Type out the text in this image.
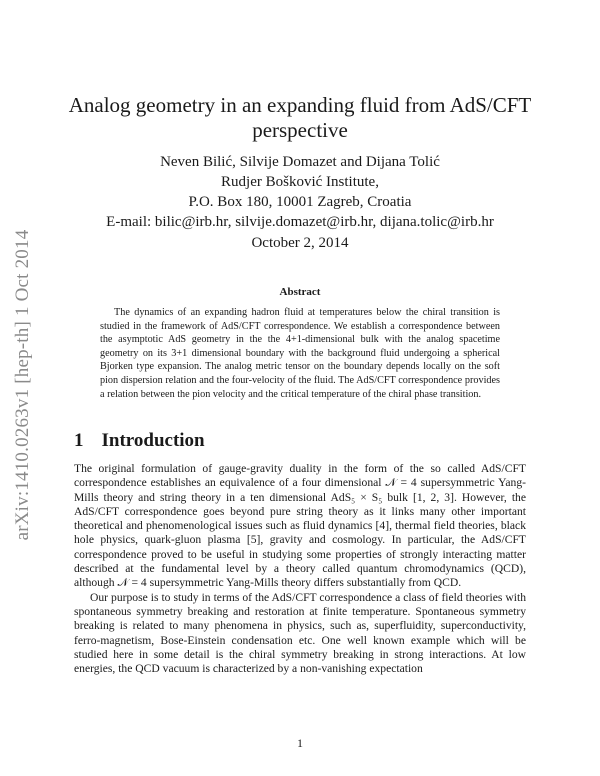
arXiv:1410.0263v1 [hep-th] 1 Oct 2014
Analog geometry in an expanding fluid from AdS/CFT perspective
Neven Bilić, Silvije Domazet and Dijana Tolić
Rudjer Bošković Institute,
P.O. Box 180, 10001 Zagreb, Croatia
E-mail: bilic@irb.hr, silvije.domazet@irb.hr, dijana.tolic@irb.hr
October 2, 2014
Abstract
The dynamics of an expanding hadron fluid at temperatures below the chiral transition is studied in the framework of AdS/CFT correspondence. We establish a correspondence between the asymptotic AdS geometry in the the 4+1-dimensional bulk with the analog spacetime geometry on its 3+1 dimensional boundary with the background fluid undergoing a spherical Bjorken type expansion. The analog metric tensor on the boundary depends locally on the soft pion dispersion relation and the four-velocity of the fluid. The AdS/CFT correspondence provides a relation between the pion velocity and the critical temperature of the chiral phase transition.
1 Introduction

The original formulation of gauge-gravity duality in the form of the so called AdS/CFT correspondence establishes an equivalence of a four dimensional 𝒩 = 4 supersymmetric Yang-Mills theory and string theory in a ten dimensional AdS₅ × S₅ bulk [1, 2, 3]. However, the AdS/CFT correspondence goes beyond pure string theory as it links many other important theoretical and phenomenological issues such as fluid dynamics [4], thermal field theories, black hole physics, quark-gluon plasma [5], gravity and cosmology. In particular, the AdS/CFT correspondence proved to be useful in studying some properties of strongly interacting matter described at the fundamental level by a theory called quantum chromodynamics (QCD), although 𝒩 = 4 supersymmetric Yang-Mills theory differs substantially from QCD.

Our purpose is to study in terms of the AdS/CFT correspondence a class of field theories with spontaneous symmetry breaking and restoration at finite temperature. Spontaneous symmetry breaking is related to many phenomena in physics, such as, superfluidity, superconductivity, ferro-magnetism, Bose-Einstein condensation etc. One well known example which will be studied here in some detail is the chiral symmetry breaking in strong interactions. At low energies, the QCD vacuum is characterized by a non-vanishing expectation

1
